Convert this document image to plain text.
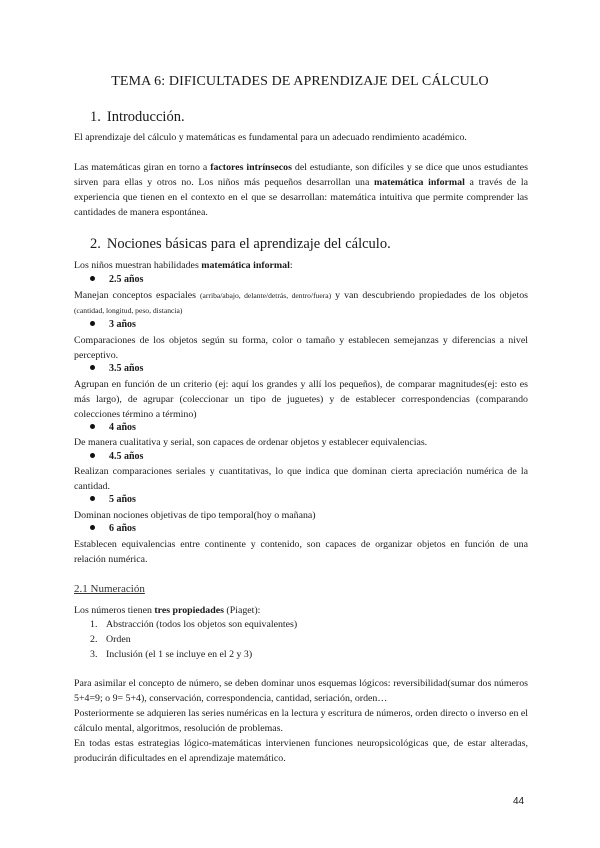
TEMA 6: DIFICULTADES DE APRENDIZAJE DEL CÁLCULO
1. Introducción.
El aprendizaje del cálculo y matemáticas es fundamental para un adecuado rendimiento académico.
Las matemáticas giran en torno a factores intrínsecos del estudiante, son difíciles y se dice que unos estudiantes sirven para ellas y otros no. Los niños más pequeños desarrollan una matemática informal a través de la experiencia que tienen en el contexto en el que se desarrollan: matemática intuitiva que permite comprender las cantidades de manera espontánea.
2. Nociones básicas para el aprendizaje del cálculo.
Los niños muestran habilidades matemática informal:
2.5 años
Manejan conceptos espaciales (arriba/abajo, delante/detrás, dentro/fuera) y van descubriendo propiedades de los objetos (cantidad, longitud, peso, distancia)
3 años
Comparaciones de los objetos según su forma, color o tamaño y establecen semejanzas y diferencias a nivel perceptivo.
3.5 años
Agrupan en función de un criterio (ej: aquí los grandes y allí los pequeños), de comparar magnitudes(ej: esto es más largo), de agrupar (coleccionar un tipo de juguetes) y de establecer correspondencias (comparando colecciones término a término)
4 años
De manera cualitativa y serial, son capaces de ordenar objetos y establecer equivalencias.
4.5 años
Realizan comparaciones seriales y cuantitativas, lo que indica que dominan cierta apreciación numérica de la cantidad.
5 años
Dominan nociones objetivas de tipo temporal(hoy o mañana)
6 años
Establecen equivalencias entre continente y contenido, son capaces de organizar objetos en función de una relación numérica.
2.1 Numeración
Los números tienen tres propiedades (Piaget):
1. Abstracción (todos los objetos son equivalentes)
2. Orden
3. Inclusión (el 1 se incluye en el 2 y 3)
Para asimilar el concepto de número, se deben dominar unos esquemas lógicos: reversibilidad(sumar dos números 5+4=9; o 9= 5+4), conservación, correspondencia, cantidad, seriación, orden…
Posteriormente se adquieren las series numéricas en la lectura y escritura de números, orden directo o inverso en el cálculo mental, algoritmos, resolución de problemas.
En todas estas estrategias lógico-matemáticas intervienen funciones neuropsicológicas que, de estar alteradas, producirán dificultades en el aprendizaje matemático.
44
